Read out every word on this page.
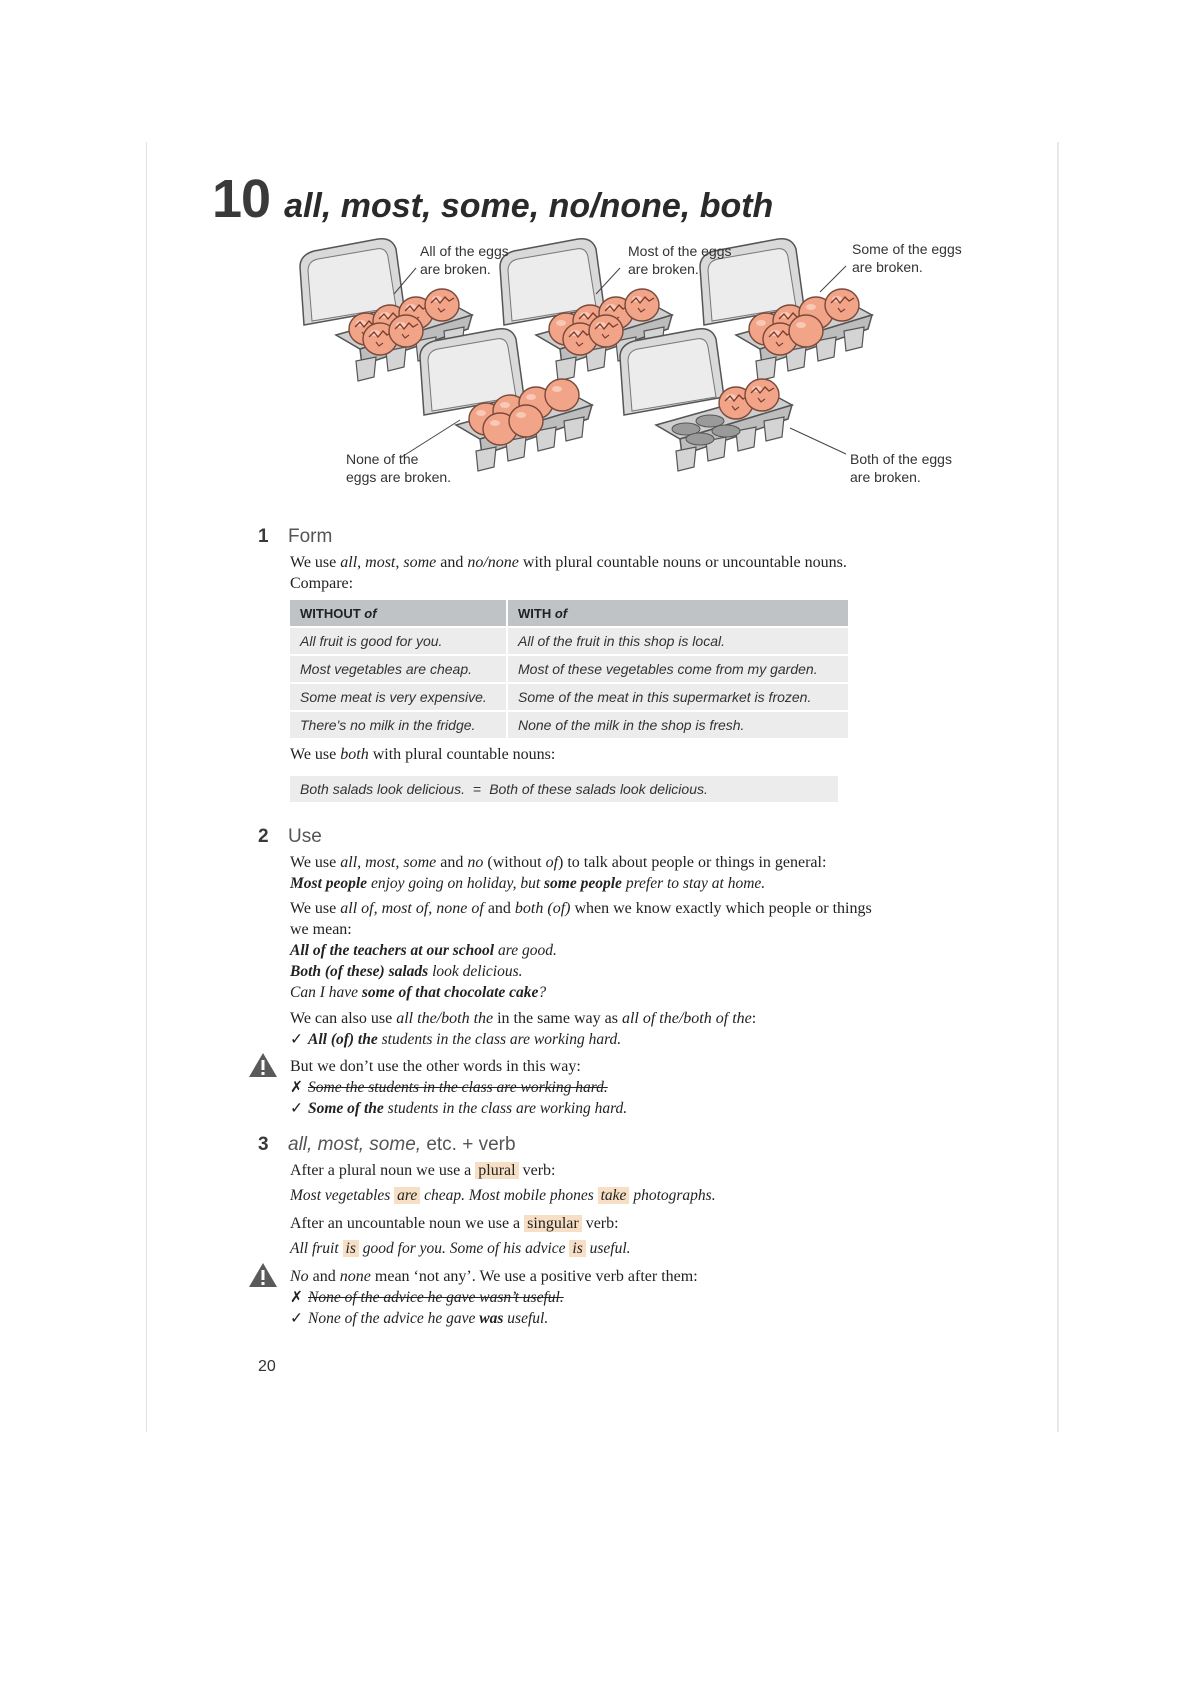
10 all, most, some, no/none, both
All of the eggs
are broken.
Most of the eggs
are broken.
Some of the eggs
are broken.
None of the
eggs are broken.
Both of the eggs
are broken.
1	Form
We use all, most, some and no/none with plural countable nouns or uncountable nouns.
Compare:
WITHOUT of	WITH of
All fruit is good for you.	All of the fruit in this shop is local.
Most vegetables are cheap.	Most of these vegetables come from my garden.
Some meat is very expensive.	Some of the meat in this supermarket is frozen.
There's no milk in the fridge.	None of the milk in the shop is fresh.
We use both with plural countable nouns:
Both salads look delicious. = Both of these salads look delicious.
2	Use
We use all, most, some and no (without of) to talk about people or things in general:
Most people enjoy going on holiday, but some people prefer to stay at home.
We use all of, most of, none of and both (of) when we know exactly which people or things
we mean:
All of the teachers at our school are good.
Both (of these) salads look delicious.
Can I have some of that chocolate cake?
We can also use all the/both the in the same way as all of the/both of the:
✓ All (of) the students in the class are working hard.
But we don’t use the other words in this way:
✗ Some the students in the class are working hard.
✓ Some of the students in the class are working hard.
3	all, most, some, etc. + verb
After a plural noun we use a plural verb:
Most vegetables are cheap. Most mobile phones take photographs.
After an uncountable noun we use a singular verb:
All fruit is good for you. Some of his advice is useful.
No and none mean ‘not any’. We use a positive verb after them:
✗ None of the advice he gave wasn’t useful.
✓ None of the advice he gave was useful.
20
